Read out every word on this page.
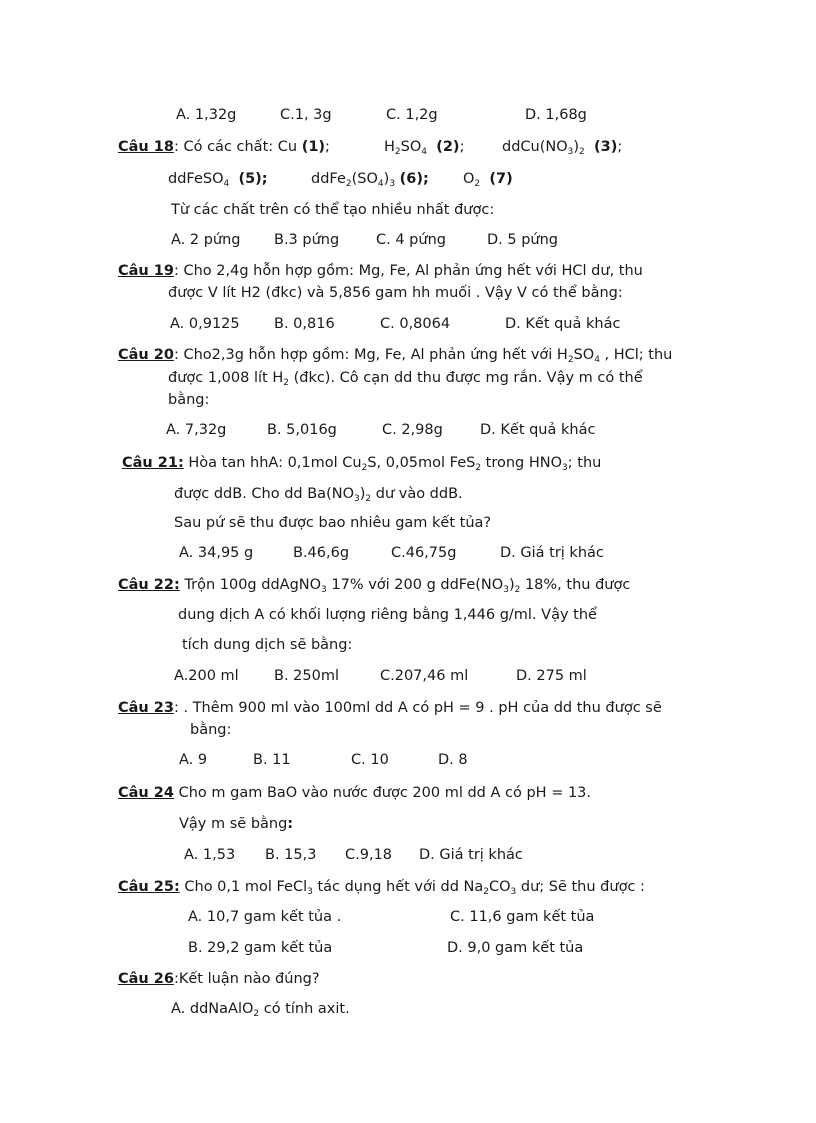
A. 1,32g	C.1, 3g	C. 1,2g	D. 1,68g
Câu 18: Có các chất: Cu (1);	$H_2SO_4$ (2);	$ddCu(NO_3)_2$ (3);
ddFeSO$_4$ (5);	$ddFe_2(SO_4)_3$ (6); $O_2$ (7)
Từ các chất trên có thể tạo nhiều nhất được:
A. 2 pứng B.3 pứng	C. 4 pứng	D. 5 pứng
Câu 19: Cho 2,4g hỗn hợp gồm: Mg, Fe, Al phản ứng hết với HCl dư, thu
được V lít H2 (đkc) và 5,856 gam hh muối . Vậy V có thể bằng:
A. 0,9125 B. 0,816	C. 0,8064	D. Kết quả khác
Câu 20: Cho2,3g hỗn hợp gồm: Mg, Fe, Al phản ứng hết với $H_2SO_4$ , HCl; thu
được 1,008 lít $H_2$ (đkc). Cô cạn dd thu được mg rắn. Vậy m có thể
bằng:
A. 7,32g	B. 5,016g	C. 2,98g	D. Kết quả khác
Câu 21: Hòa tan hhA: 0,1mol $Cu_2S$, 0,05mol FeS$_2$ trong $HNO_3$; thu
được ddB. Cho dd $Ba(NO_3)_2$ dư vào ddB.
Sau pứ sẽ thu được bao nhiêu gam kết tủa?
A. 34,95 g	B.46,6g	C.46,75g	D. Giá trị khác
Câu 22: Trộn 100g ddAgNO$_3$ 17% với 200 g $ddFe(NO_3)_2$ 18%, thu được
dung dịch A có khối lượng riêng bằng 1,446 g/ml. Vậy thể
tích dung dịch sẽ bằng:
A.200 ml B. 250ml	C.207,46 ml	D. 275 ml
Câu 23: . Thêm 900 ml vào 100ml dd A có pH = 9 . pH của dd thu được sẽ
bằng:
A. 9	B. 11	C. 10	D. 8
Câu 24 Cho m gam BaO vào nước được 200 ml dd A có pH = 13.
Vậy m sẽ bằng:
A. 1,53 B. 15,3 C.9,18 D. Giá trị khác
Câu 25: Cho 0,1 mol FeCl$_3$ tác dụng hết với dd $Na_2CO_3$ dư; Sẽ thu được :
A. 10,7 gam kết tủa .	C. 11,6 gam kết tủa
B. 29,2 gam kết tủa	D. 9,0 gam kết tủa
Câu 26:Kết luận nào đúng?
A. ddNaAlO$_2$ có tính axit.
